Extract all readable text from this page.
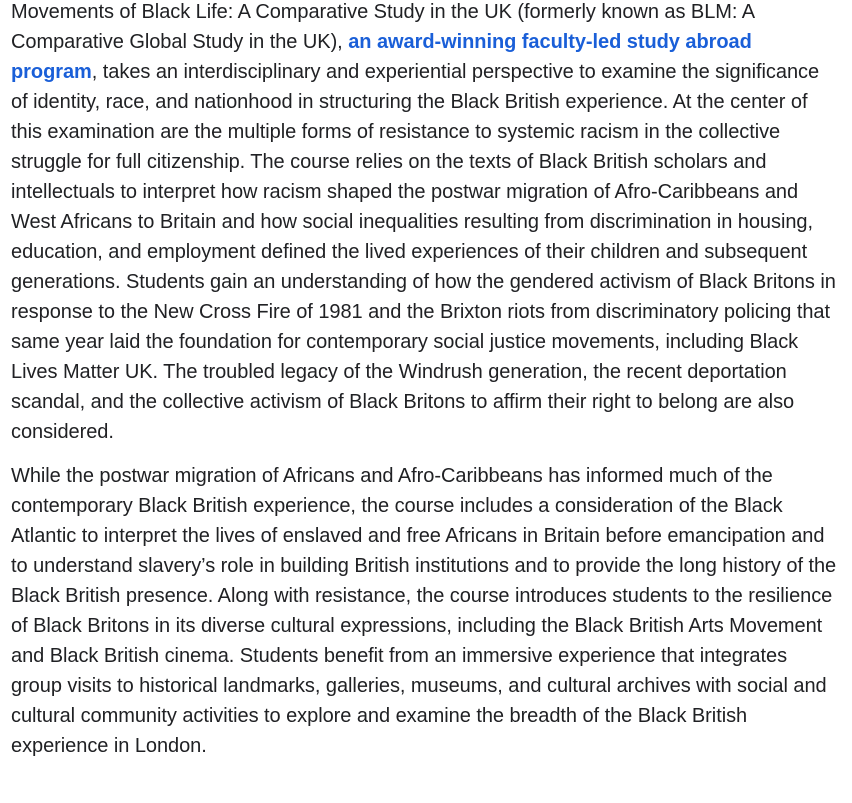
Movements of Black Life: A Comparative Study in the UK (formerly known as BLM: A Comparative Global Study in the UK), an award-winning faculty-led study abroad program, takes an interdisciplinary and experiential perspective to examine the significance of identity, race, and nationhood in structuring the Black British experience. At the center of this examination are the multiple forms of resistance to systemic racism in the collective struggle for full citizenship. The course relies on the texts of Black British scholars and intellectuals to interpret how racism shaped the postwar migration of Afro-Caribbeans and West Africans to Britain and how social inequalities resulting from discrimination in housing, education, and employment defined the lived experiences of their children and subsequent generations. Students gain an understanding of how the gendered activism of Black Britons in response to the New Cross Fire of 1981 and the Brixton riots from discriminatory policing that same year laid the foundation for contemporary social justice movements, including Black Lives Matter UK. The troubled legacy of the Windrush generation, the recent deportation scandal, and the collective activism of Black Britons to affirm their right to belong are also considered.

While the postwar migration of Africans and Afro-Caribbeans has informed much of the contemporary Black British experience, the course includes a consideration of the Black Atlantic to interpret the lives of enslaved and free Africans in Britain before emancipation and to understand slavery’s role in building British institutions and to provide the long history of the Black British presence. Along with resistance, the course introduces students to the resilience of Black Britons in its diverse cultural expressions, including the Black British Arts Movement and Black British cinema. Students benefit from an immersive experience that integrates group visits to historical landmarks, galleries, museums, and cultural archives with social and cultural community activities to explore and examine the breadth of the Black British experience in London.
